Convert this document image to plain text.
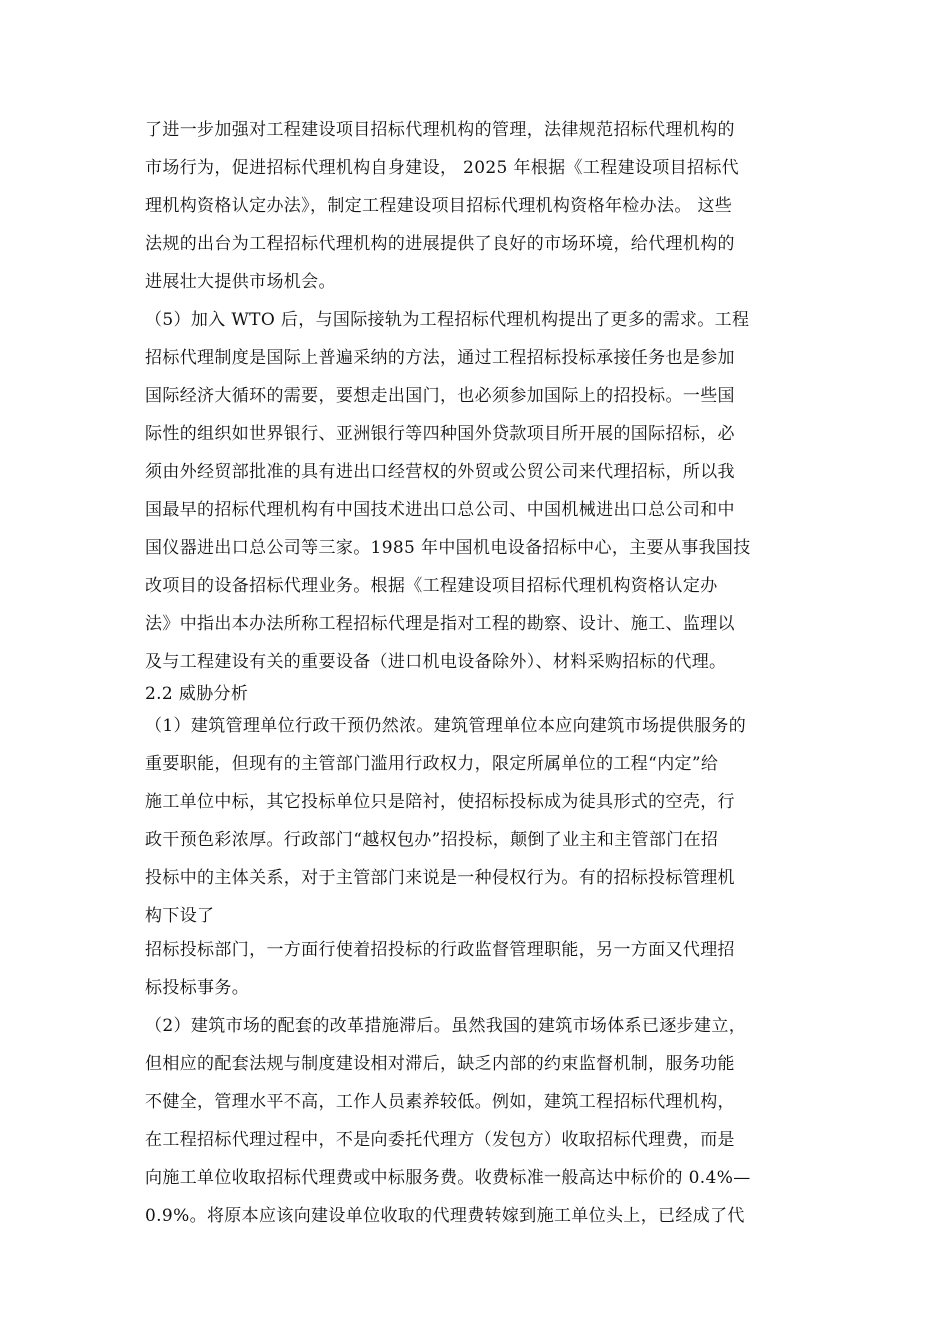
了进一步加强对工程建设项目招标代理机构的管理，法律规范招标代理机构的
市场行为，促进招标代理机构自身建设， 2025 年根据《工程建设项目招标代
理机构资格认定办法》，制定工程建设项目招标代理机构资格年检办法。 这些
法规的出台为工程招标代理机构的进展提供了良好的市场环境，给代理机构的
进展壮大提供市场机会。
（5）加入 WTO 后，与国际接轨为工程招标代理机构提出了更多的需求。工程
招标代理制度是国际上普遍采纳的方法，通过工程招标投标承接任务也是参加
国际经济大循环的需要，要想走出国门，也必须参加国际上的招投标。一些国
际性的组织如世界银行、亚洲银行等四种国外贷款项目所开展的国际招标，必
须由外经贸部批准的具有进出口经营权的外贸或公贸公司来代理招标，所以我
国最早的招标代理机构有中国技术进出口总公司、中国机械进出口总公司和中
国仪器进出口总公司等三家。1985 年中国机电设备招标中心，主要从事我国技
改项目的设备招标代理业务。根据《工程建设项目招标代理机构资格认定办
法》中指出本办法所称工程招标代理是指对工程的勘察、设计、施工、监理以
及与工程建设有关的重要设备（进口机电设备除外）、材料采购招标的代理。
2.2 威胁分析
（1）建筑管理单位行政干预仍然浓。建筑管理单位本应向建筑市场提供服务的
重要职能，但现有的主管部门滥用行政权力，限定所属单位的工程“内定”给
施工单位中标，其它投标单位只是陪衬，使招标投标成为徒具形式的空壳，行
政干预色彩浓厚。行政部门“越权包办”招投标，颠倒了业主和主管部门在招
投标中的主体关系，对于主管部门来说是一种侵权行为。有的招标投标管理机
构下设了
招标投标部门，一方面行使着招投标的行政监督管理职能，另一方面又代理招
标投标事务。
（2）建筑市场的配套的改革措施滞后。虽然我国的建筑市场体系已逐步建立，
但相应的配套法规与制度建设相对滞后，缺乏内部的约束监督机制，服务功能
不健全，管理水平不高，工作人员素养较低。例如，建筑工程招标代理机构，
在工程招标代理过程中，不是向委托代理方（发包方）收取招标代理费，而是
向施工单位收取招标代理费或中标服务费。收费标准一般高达中标价的 0.4%—
0.9%。将原本应该向建设单位收取的代理费转嫁到施工单位头上，已经成了代
